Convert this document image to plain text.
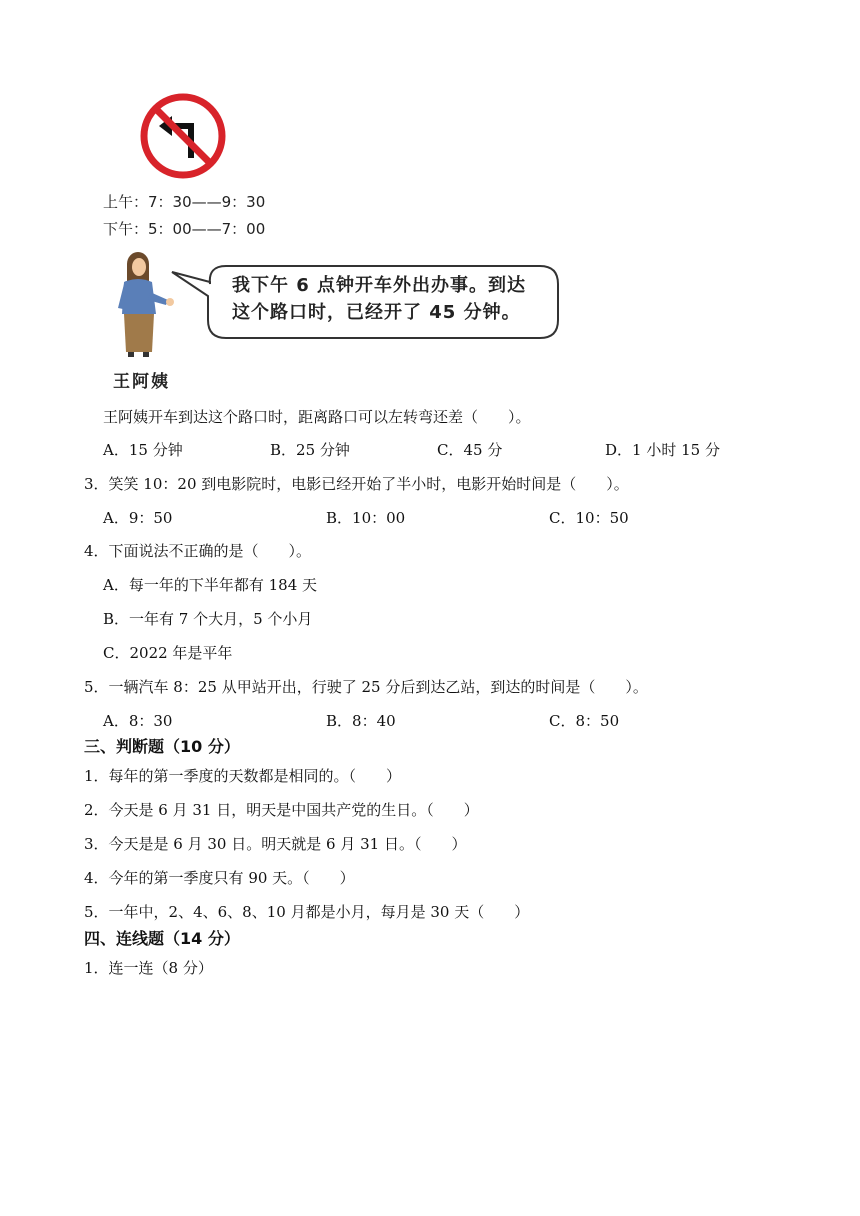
上午：7：30——9：30
下午：5：00——7：00
我下午 6 点钟开车外出办事。到达
这个路口时，已经开了 45 分钟。
王阿姨
王阿姨开车到达这个路口时，距离路口可以左转弯还差（　　）。
A．15 分钟	B．25 分钟	C．45 分	D．1 小时 15 分
3．笑笑 10：20 到电影院时，电影已经开始了半小时，电影开始时间是（　　）。
A．9：50	B．10：00	C．10：50
4．下面说法不正确的是（　　）。
A．每一年的下半年都有 184 天
B．一年有 7 个大月，5 个小月
C．2022 年是平年
5．一辆汽车 8：25 从甲站开出，行驶了 25 分后到达乙站，到达的时间是（　　）。
A．8：30	B．8：40	C．8：50
三、判断题（10 分）
1．每年的第一季度的天数都是相同的。（　　）
2．今天是 6 月 31 日，明天是中国共产党的生日。（　　）
3．今天是是 6 月 30 日。明天就是 6 月 31 日。（　　）
4．今年的第一季度只有 90 天。（　　）
5．一年中，2、4、6、8、10 月都是小月，每月是 30 天（　　）
四、连线题（14 分）
1．连一连（8 分）
